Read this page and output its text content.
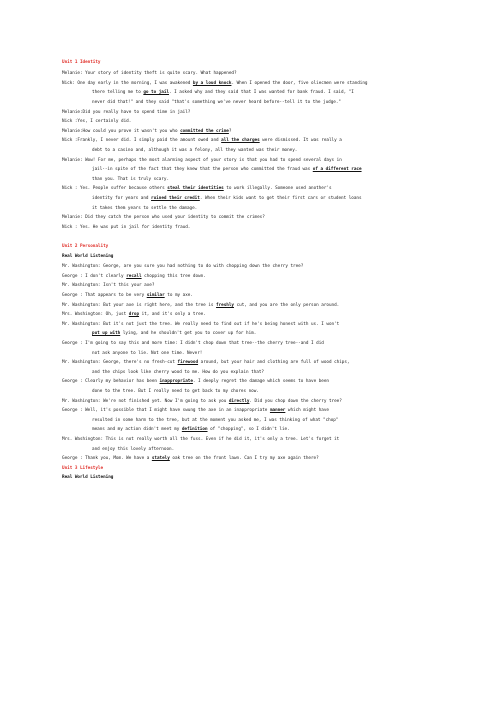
Unit 1 Identity
Melanie: Your story of identity theft is quite scary. What happened?
Nick: One day early in the morning, I was awakened by a loud knock. When I opened the door, five oliecmen were standing
there telling me to go to jail. I asked why and they said that I was wanted for bank fraud. I said, "I
never did that!" and they said "that's something we've never heard before--tell it to the judge."
Melanie:Did you really have to spend time in jail?
Nick :Yes, I certainly did.
Melanie:How could you prove it wasn't you who committed the crime?
Nick :Frankly, I never did. I simply paid the amount owed and all the charges were dismissed. It was really a
debt to a casino and, although it was a felony, all they wanted was their money.
Melanie: Wow! For me, perhaps the most alarming aspect of your story is that you had to spend several days in
jail--in spite of the fact that they knew that the person who committed the fraud was of a different race
than you. That is truly scary.
Nick : Yes. People suffer because others steal their identities to work illegally. Someone used another's
identity for years and ruined their credit. When their kids want to get their first cars or student loans
it takes them years to settle the damage.
Melanie: Did they catch the person who used your identity to commit the crimes?
Nick : Yes. He was put in jail for identity fraud.
Unit 2 Personality
Real World Listening
Mr. Washington: George, are you sure you had nothing to do with chopping down the cherry tree?
George : I don't clearly recall chopping this tree down.
Mr. Washington: Isn't this your axe?
George : That appears to be very similar to my axe.
Mr. Washington: But your axe is right here, and the tree is freshly cut, and you are the only person around.
Mrs. Washington: Oh, just drop it, and it's only a tree.
Mr. Washington: But it's not just the tree. We really need to find out if he's being honest with us. I won't
put up with lying, and he shouldn't get you to cover up for him.
George : I'm going to say this and more time: I didn't chop down that tree--the cherry tree--and I did
not ask anyone to lie. Not one time. Never!
Mr. Washington: George, there's no fresh-cut firewood around, but your hair and clothing are full of wood chips,
and the chips look like cherry wood to me. How do you explain that?
George : Clearly my behavior has been inappropriate. I deeply regret the damage which seems to have been
done to the tree. But I really need to get back to my chores now.
Mr. Washington: We're not finished yet. Now I'm going to ask you directly. Did you chop down the cherry tree?
George : Well, it's possible that I might have swung the axe in an inappropriate manner which might have
resulted in some harm to the tree, but at the moment you asked me, I was thinking of what "chop"
means and my action didn't meet my definition of "chopping", so I didn't lie.
Mrs. Washington: This is not really worth all the fuss. Even if he did it, it's only a tree. Let's forget it
and enjoy this lovely afternoon.
George : Thank you, Mom. We have a stately oak tree on the front lawn. Can I try my axe again there?
Unit 3 Lifestyle
Real World Listening
